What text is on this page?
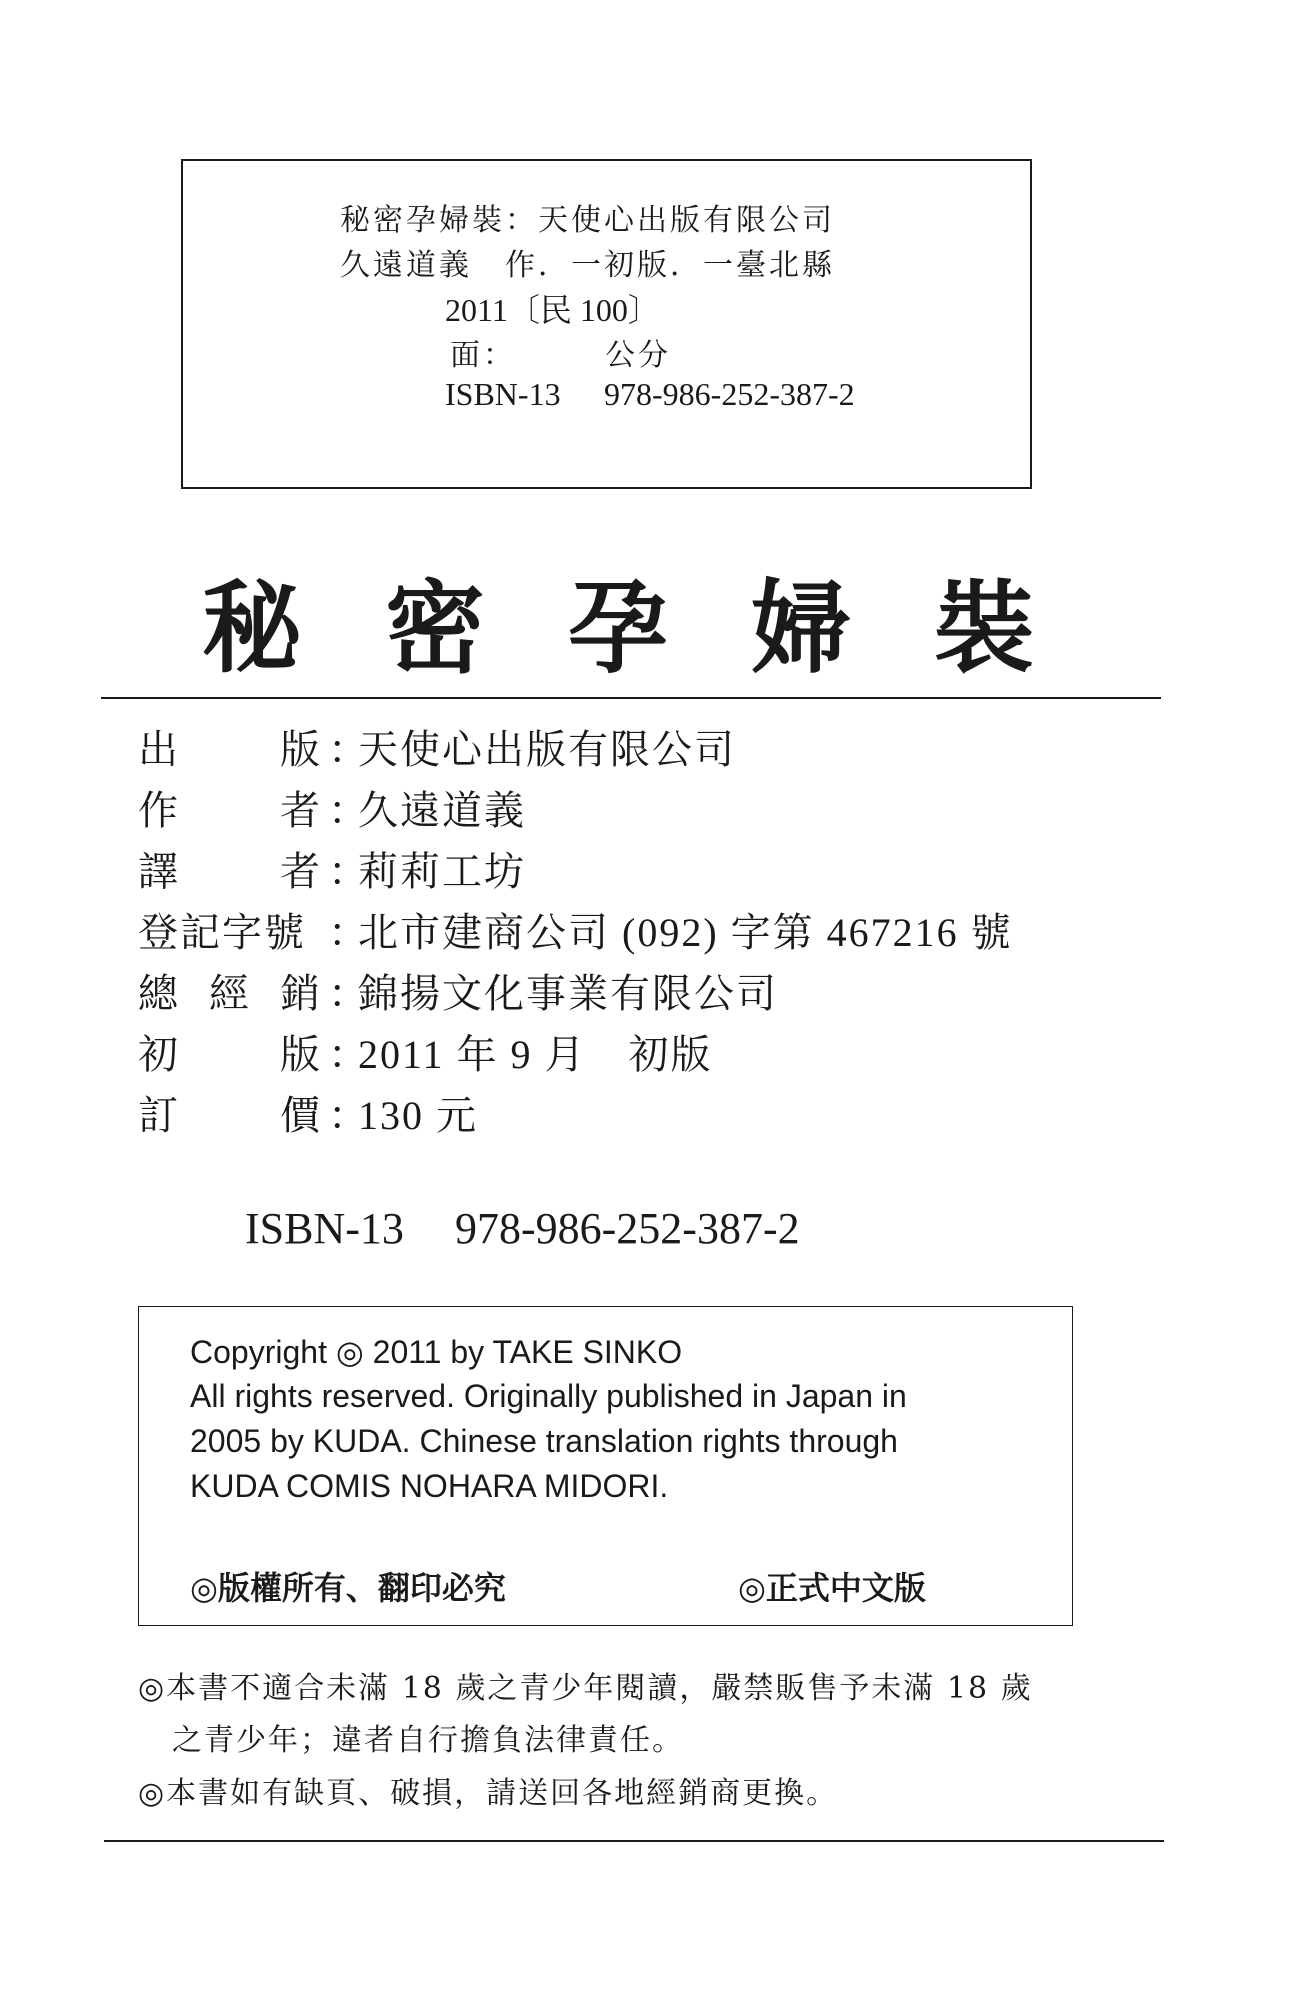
秘密孕婦裝：天使心出版有限公司
久遠道義　作．一初版．一臺北縣
2011〔民 100〕
面：	公分
ISBN-13 978-986-252-387-2
秘 密 孕 婦 裝
出	版 ：
天使心出版有限公司
作	者 ：
久遠道義
譯	者 ：
莉莉工坊
登記字號 ：
北市建商公司 (092) 字第 467216 號
總 經 銷 ：
錦揚文化事業有限公司
初	版 ：
2011 年 9 月　初版
訂	價 ：
130 元
ISBN-13 978-986-252-387-2
Copyright ◎ 2011 by TAKE SINKO
All rights reserved. Originally published in Japan in
2005 by KUDA. Chinese translation rights through
KUDA COMIS NOHARA MIDORI.
◎版權所有、翻印必究	◎正式中文版
◎本書不適合未滿 18 歲之青少年閱讀，嚴禁販售予未滿 18 歲
之青少年；違者自行擔負法律責任。
◎本書如有缺頁、破損，請送回各地經銷商更換。
